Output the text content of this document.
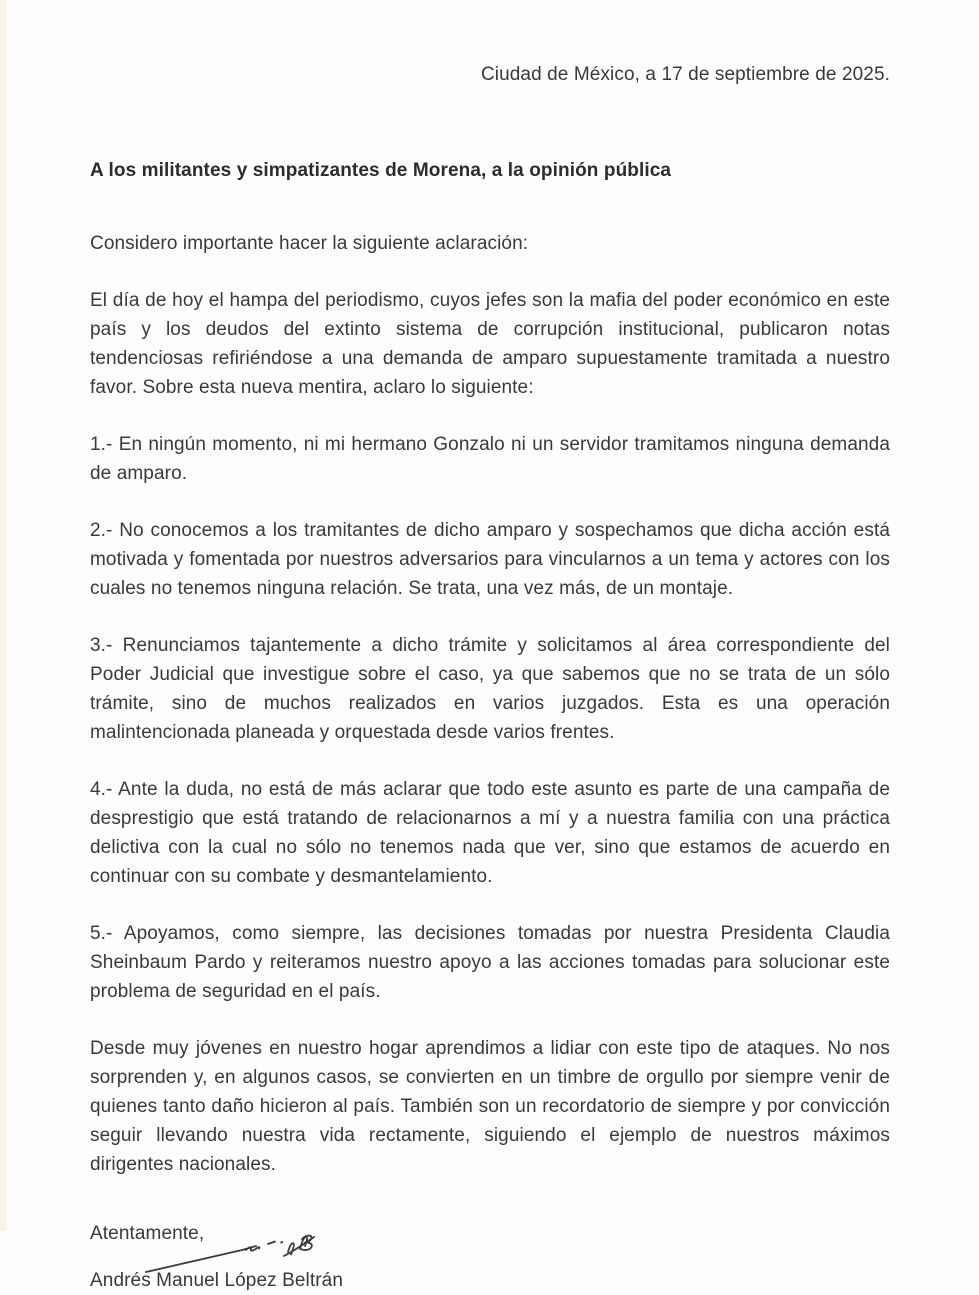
Ciudad de México, a 17 de septiembre de 2025.

A los militantes y simpatizantes de Morena, a la opinión pública

Considero importante hacer la siguiente aclaración:

El día de hoy el hampa del periodismo, cuyos jefes son la mafia del poder económico en este país y los deudos del extinto sistema de corrupción institucional, publicaron notas tendenciosas refiriéndose a una demanda de amparo supuestamente tramitada a nuestro favor. Sobre esta nueva mentira, aclaro lo siguiente:

1.- En ningún momento, ni mi hermano Gonzalo ni un servidor tramitamos ninguna demanda de amparo.

2.- No conocemos a los tramitantes de dicho amparo y sospechamos que dicha acción está motivada y fomentada por nuestros adversarios para vincularnos a un tema y actores con los cuales no tenemos ninguna relación. Se trata, una vez más, de un montaje.

3.- Renunciamos tajantemente a dicho trámite y solicitamos al área correspondiente del Poder Judicial que investigue sobre el caso, ya que sabemos que no se trata de un sólo trámite, sino de muchos realizados en varios juzgados. Esta es una operación malintencionada planeada y orquestada desde varios frentes.

4.- Ante la duda, no está de más aclarar que todo este asunto es parte de una campaña de desprestigio que está tratando de relacionarnos a mí y a nuestra familia con una práctica delictiva con la cual no sólo no tenemos nada que ver, sino que estamos de acuerdo en continuar con su combate y desmantelamiento.

5.- Apoyamos, como siempre, las decisiones tomadas por nuestra Presidenta Claudia Sheinbaum Pardo y reiteramos nuestro apoyo a las acciones tomadas para solucionar este problema de seguridad en el país.

Desde muy jóvenes en nuestro hogar aprendimos a lidiar con este tipo de ataques. No nos sorprenden y, en algunos casos, se convierten en un timbre de orgullo por siempre venir de quienes tanto daño hicieron al país. También son un recordatorio de siempre y por convicción seguir llevando nuestra vida rectamente, siguiendo el ejemplo de nuestros máximos dirigentes nacionales.

Atentamente,

Andrés Manuel López Beltrán
